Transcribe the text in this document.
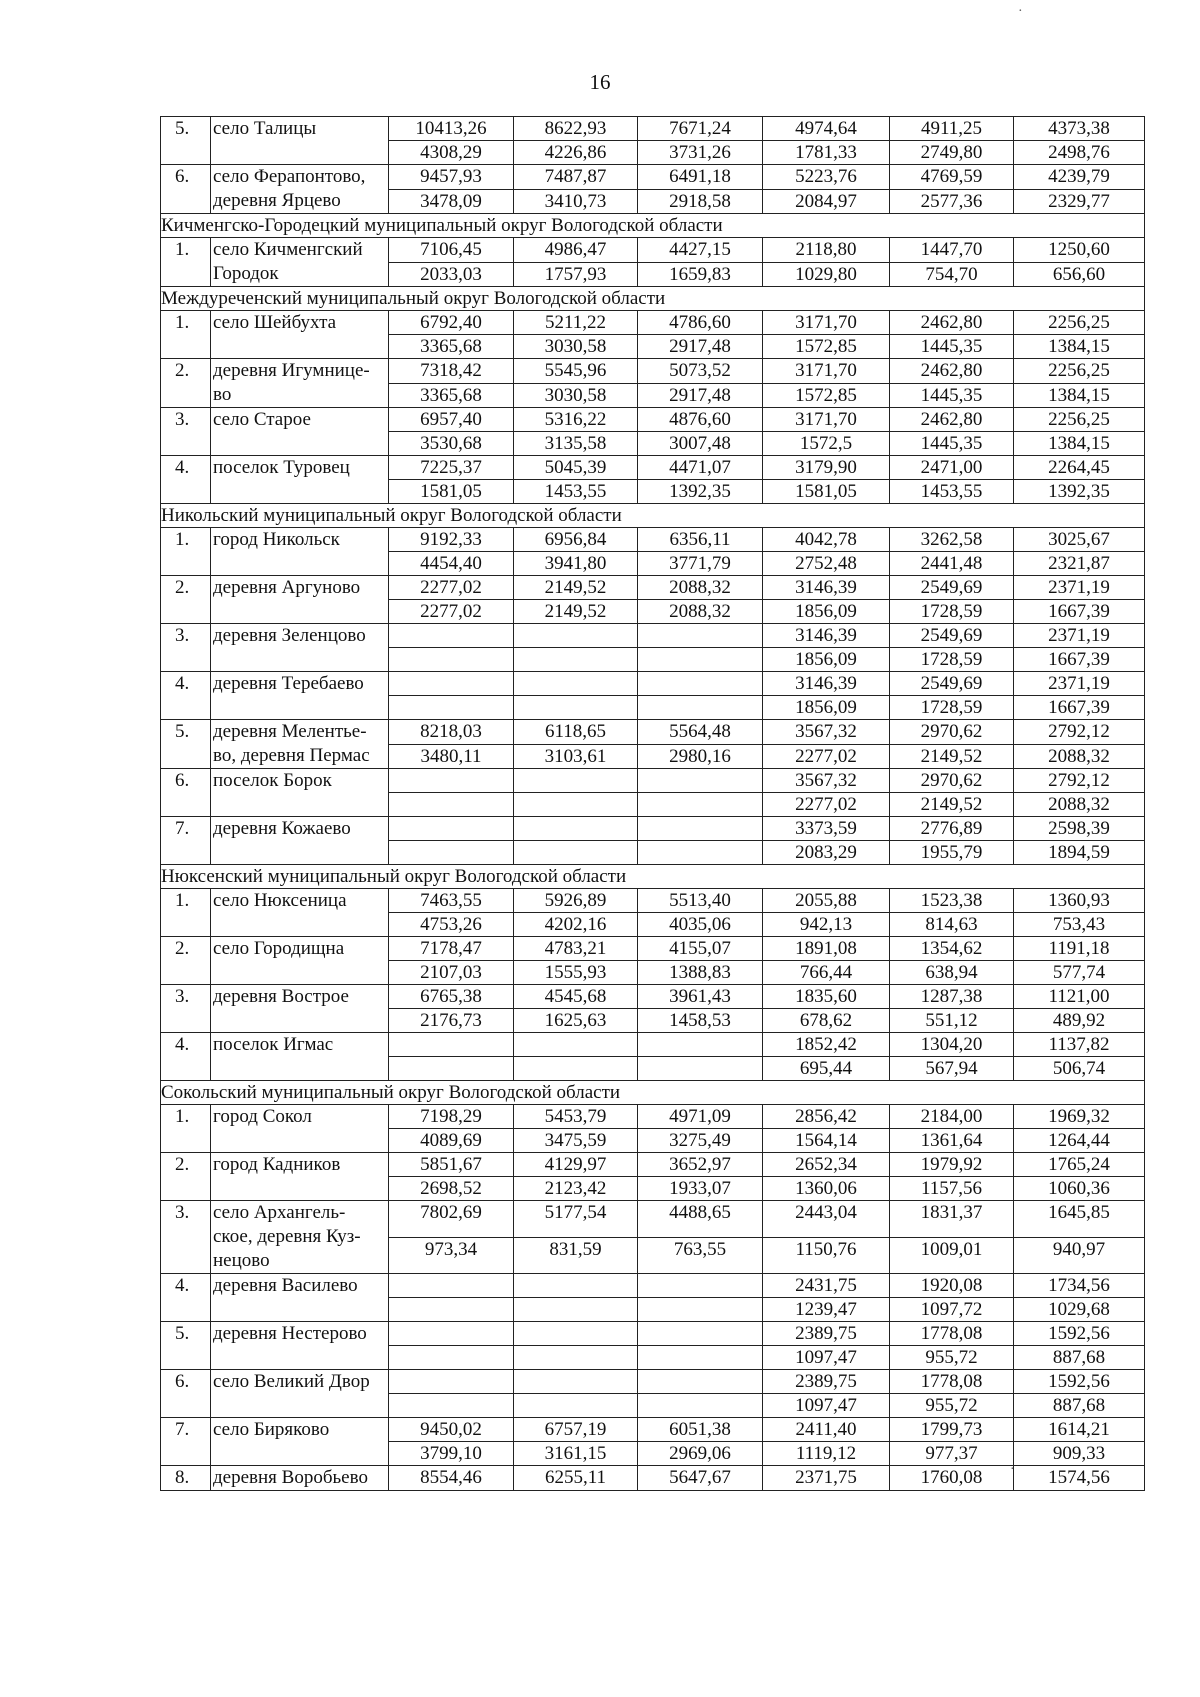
16
5.	село Талицы	10413,26	8622,93	7671,24	4974,64	4911,25	4373,38
		4308,29	4226,86	3731,26	1781,33	2749,80	2498,76
6.	село Ферапонтово, деревня Ярцево	9457,93	7487,87	6491,18	5223,76	4769,59	4239,79
		3478,09	3410,73	2918,58	2084,97	2577,36	2329,77
Кичменгско-Городецкий муниципальный округ Вологодской области							
1.	село Кичменгский Городок	7106,45	4986,47	4427,15	2118,80	1447,70	1250,60
		2033,03	1757,93	1659,83	1029,80	754,70	656,60
Междуреченский муниципальный округ Вологодской области							
1.	село Шейбухта	6792,40	5211,22	4786,60	3171,70	2462,80	2256,25
		3365,68	3030,58	2917,48	1572,85	1445,35	1384,15
2.	деревня Игумнице-во	7318,42	5545,96	5073,52	3171,70	2462,80	2256,25
		3365,68	3030,58	2917,48	1572,85	1445,35	1384,15
3.	село Старое	6957,40	5316,22	4876,60	3171,70	2462,80	2256,25
		3530,68	3135,58	3007,48	1572,5	1445,35	1384,15
4.	поселок Туровец	7225,37	5045,39	4471,07	3179,90	2471,00	2264,45
		1581,05	1453,55	1392,35	1581,05	1453,55	1392,35
Никольский муниципальный округ Вологодской области							
1.	город Никольск	9192,33	6956,84	6356,11	4042,78	3262,58	3025,67
		4454,40	3941,80	3771,79	2752,48	2441,48	2321,87
2.	деревня Аргуново	2277,02	2149,52	2088,32	3146,39	2549,69	2371,19
		2277,02	2149,52	2088,32	1856,09	1728,59	1667,39
3.	деревня Зеленцово				3146,39	2549,69	2371,19
					1856,09	1728,59	1667,39
4.	деревня Теребаево				3146,39	2549,69	2371,19
					1856,09	1728,59	1667,39
5.	деревня Мелентье-во, деревня Пермас	8218,03	6118,65	5564,48	3567,32	2970,62	2792,12
		3480,11	3103,61	2980,16	2277,02	2149,52	2088,32
6.	поселок Борок				3567,32	2970,62	2792,12
					2277,02	2149,52	2088,32
7.	деревня Кожаево				3373,59	2776,89	2598,39
					2083,29	1955,79	1894,59
Нюксенский муниципальный округ Вологодской области							
1.	село Нюксеница	7463,55	5926,89	5513,40	2055,88	1523,38	1360,93
		4753,26	4202,16	4035,06	942,13	814,63	753,43
2.	село Городищна	7178,47	4783,21	4155,07	1891,08	1354,62	1191,18
		2107,03	1555,93	1388,83	766,44	638,94	577,74
3.	деревня Вострое	6765,38	4545,68	3961,43	1835,60	1287,38	1121,00
		2176,73	1625,63	1458,53	678,62	551,12	489,92
4.	поселок Игмас				1852,42	1304,20	1137,82
					695,44	567,94	506,74
Сокольский муниципальный округ Вологодской области							
1.	город Сокол	7198,29	5453,79	4971,09	2856,42	2184,00	1969,32
		4089,69	3475,59	3275,49	1564,14	1361,64	1264,44
2.	город Кадников	5851,67	4129,97	3652,97	2652,34	1979,92	1765,24
		2698,52	2123,42	1933,07	1360,06	1157,56	1060,36
3.	село Архангель-ское, деревня Куз-нецово	7802,69	5177,54	4488,65	2443,04	1831,37	1645,85
		973,34	831,59	763,55	1150,76	1009,01	940,97
4.	деревня Василево				2431,75	1920,08	1734,56
					1239,47	1097,72	1029,68
5.	деревня Нестерово				2389,75	1778,08	1592,56
					1097,47	955,72	887,68
6.	село Великий Двор				2389,75	1778,08	1592,56
					1097,47	955,72	887,68
7.	село Биряково	9450,02	6757,19	6051,38	2411,40	1799,73	1614,21
		3799,10	3161,15	2969,06	1119,12	977,37	909,33
8.	деревня Воробьево	8554,46	6255,11	5647,67	2371,75	1760,08	1574,56
·
·
